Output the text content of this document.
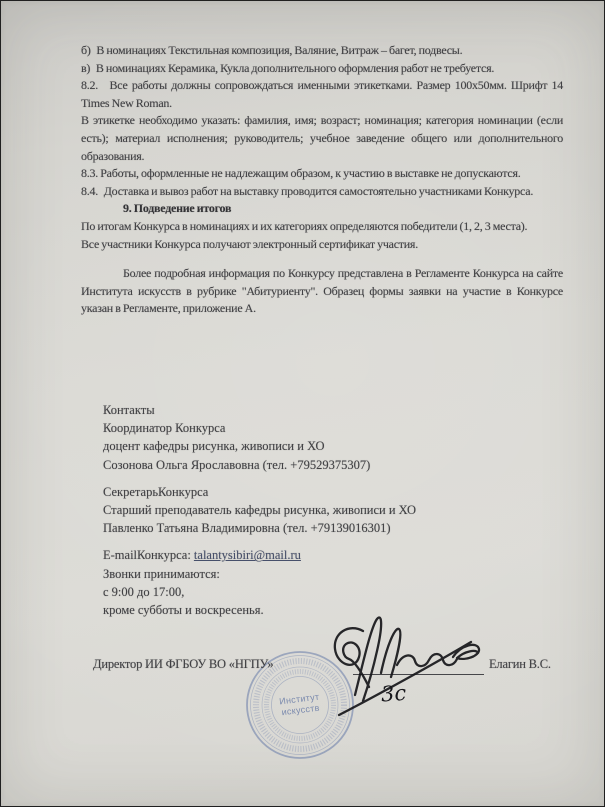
б) В номинациях Текстильная композиция, Валяние, Витраж – багет, подвесы.

в) В номинациях Керамика, Кукла дополнительного оформления работ не требуется.

8.2.  Все работы должны сопровождаться именными этикетками. Размер 100х50мм. Шрифт 14 Times New Roman.

В этикетке необходимо указать: фамилия, имя; возраст; номинация; категория номинации (если есть); материал исполнения; руководитель; учебное заведение общего или дополнительного образования.

8.3. Работы, оформленные не надлежащим образом, к участию в выставке не допускаются.

8.4. Доставка и вывоз работ на выставку проводится самостоятельно участниками Конкурса.

9. Подведение итогов

По итогам Конкурса в номинациях и их категориях определяются победители (1, 2, 3 места).

Все участники Конкурса получают электронный сертификат участия.

Более подробная информация по Конкурсу представлена в Регламенте Конкурса на сайте Института искусств в рубрике "Абитуриенту". Образец формы заявки на участие в Конкурсе указан в Регламенте, приложение А.

Контакты
Координатор Конкурса
доцент кафедры рисунка, живописи и ХО
Созонова Ольга Ярославовна (тел. +79529375307)
СекретарьКонкурса
Старший преподаватель кафедры рисунка, живописи и ХО
Павленко Татьяна Владимировна (тел. +79139016301)
E-mailКонкурса: talantysibiri@mail.ru
Звонки принимаются:
с 9:00 до 17:00,
кроме субботы и воскресенья.
Институт
искусств
Директор ИИ ФГБОУ ВО «НГПУ»	Елагин В.С.
3с
